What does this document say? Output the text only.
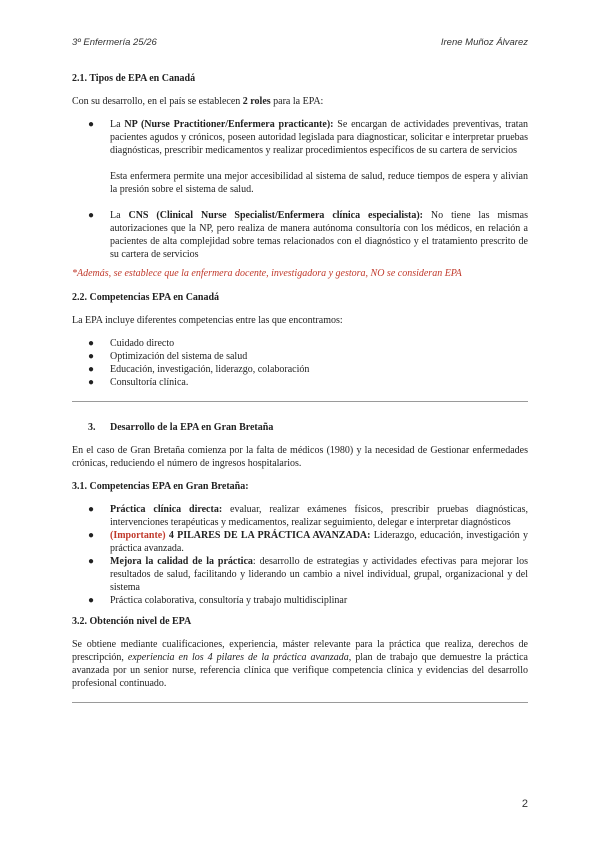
3º Enfermería 25/26	Irene Muñoz Álvarez
2.1. Tipos de EPA en Canadá

Con su desarrollo, en el país se establecen 2 roles para la EPA:

● La NP (Nurse Practitioner/Enfermera practicante): Se encargan de actividades preventivas, tratan pacientes agudos y crónicos, poseen autoridad legislada para diagnosticar, solicitar e interpretar pruebas diagnósticas, prescribir medicamentos y realizar procedimientos específicos de su cartera de servicios

Esta enfermera permite una mejor accesibilidad al sistema de salud, reduce tiempos de espera y alivian la presión sobre el sistema de salud.

● La CNS (Clinical Nurse Specialist/Enfermera clínica especialista): No tiene las mismas autorizaciones que la NP, pero realiza de manera autónoma consultoría con los médicos, en relación a pacientes de alta complejidad sobre temas relacionados con el diagnóstico y el tratamiento prescrito de su cartera de servicios

*Además, se establece que la enfermera docente, investigadora y gestora, NO se consideran EPA

2.2. Competencias EPA en Canadá

La EPA incluye diferentes competencias entre las que encontramos:

● Cuidado directo
● Optimización del sistema de salud
● Educación, investigación, liderazgo, colaboración
● Consultoría clínica.
3. Desarrollo de la EPA en Gran Bretaña

En el caso de Gran Bretaña comienza por la falta de médicos (1980) y la necesidad de Gestionar enfermedades crónicas, reduciendo el número de ingresos hospitalarios.

3.1. Competencias EPA en Gran Bretaña:
● Práctica clínica directa: evaluar, realizar exámenes físicos, prescribir pruebas diagnósticas, intervenciones terapéuticas y medicamentos, realizar seguimiento, delegar e interpretar diagnósticos

● (Importante) 4 PILARES DE LA PRÁCTICA AVANZADA: Liderazgo, educación, investigación y práctica avanzada.

● Mejora la calidad de la práctica: desarrollo de estrategias y actividades efectivas para mejorar los resultados de salud, facilitando y liderando un cambio a nivel individual, grupal, organizacional y del sistema

● Práctica colaborativa, consultoría y trabajo multidisciplinar

3.2. Obtención nivel de EPA

Se obtiene mediante cualificaciones, experiencia, máster relevante para la práctica que realiza, derechos de prescripción, experiencia en los 4 pilares de la práctica avanzada, plan de trabajo que demuestre la práctica avanzada por un senior nurse, referencia clínica que verifique competencia clínica y evidencias del desarrollo profesional continuado.

2
